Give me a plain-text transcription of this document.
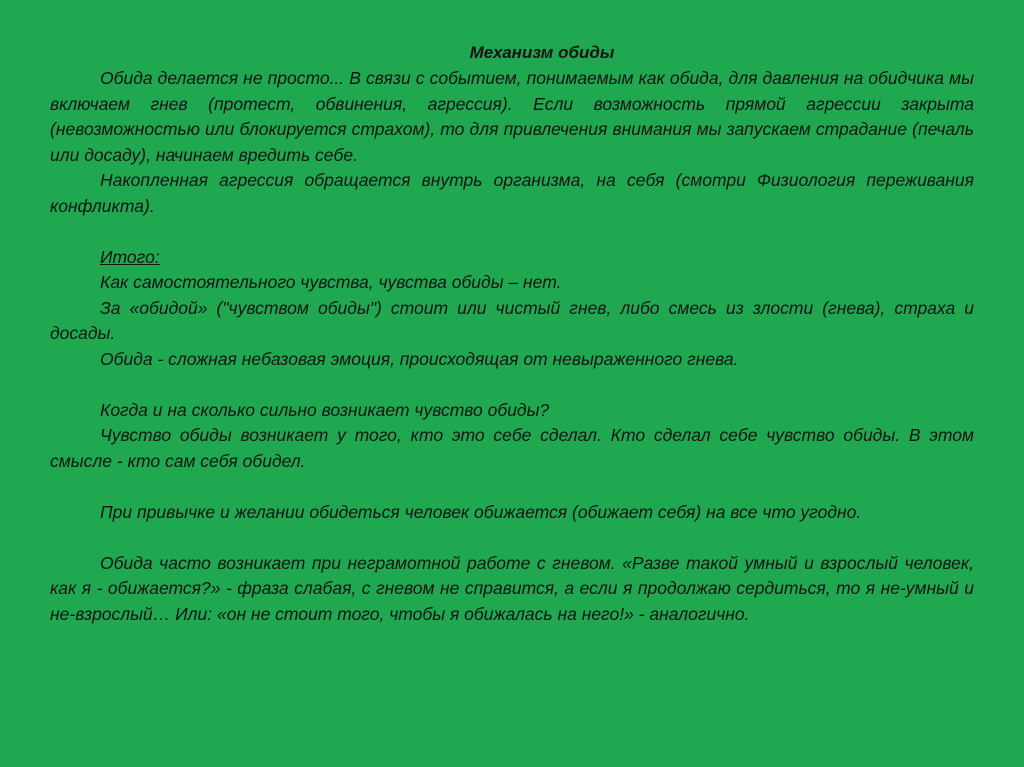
Механизм обиды

Обида делается не просто... В связи с событием, понимаемым как обида, для давления на обидчика мы включаем гнев (протест, обвинения, агрессия). Если возможность прямой агрессии закрыта (невозможностью или блокируется страхом), то для привлечения внимания мы запускаем страдание (печаль или досаду), начинаем вредить себе.

Накопленная агрессия обращается внутрь организма, на себя (смотри Физиология переживания конфликта).

Итого:

Как самостоятельного чувства, чувства обиды – нет.

За «обидой» ("чувством обиды") стоит или чистый гнев, либо смесь из злости (гнева), страха и досады.

Обида - сложная небазовая эмоция, происходящая от невыраженного гнева.

Когда и на сколько сильно возникает чувство обиды?

Чувство обиды возникает у того, кто это себе сделал. Кто сделал себе чувство обиды. В этом смысле - кто сам себя обидел.

При привычке и желании обидеться человек обижается (обижает себя) на все что угодно.

Обида часто возникает при неграмотной работе с гневом. «Разве такой умный и взрослый человек, как я - обижается?» - фраза слабая, с гневом не справится, а если я продолжаю сердиться, то я не-умный и не-взрослый… Или: «он не стоит того, чтобы я обижалась на него!» - аналогично.
